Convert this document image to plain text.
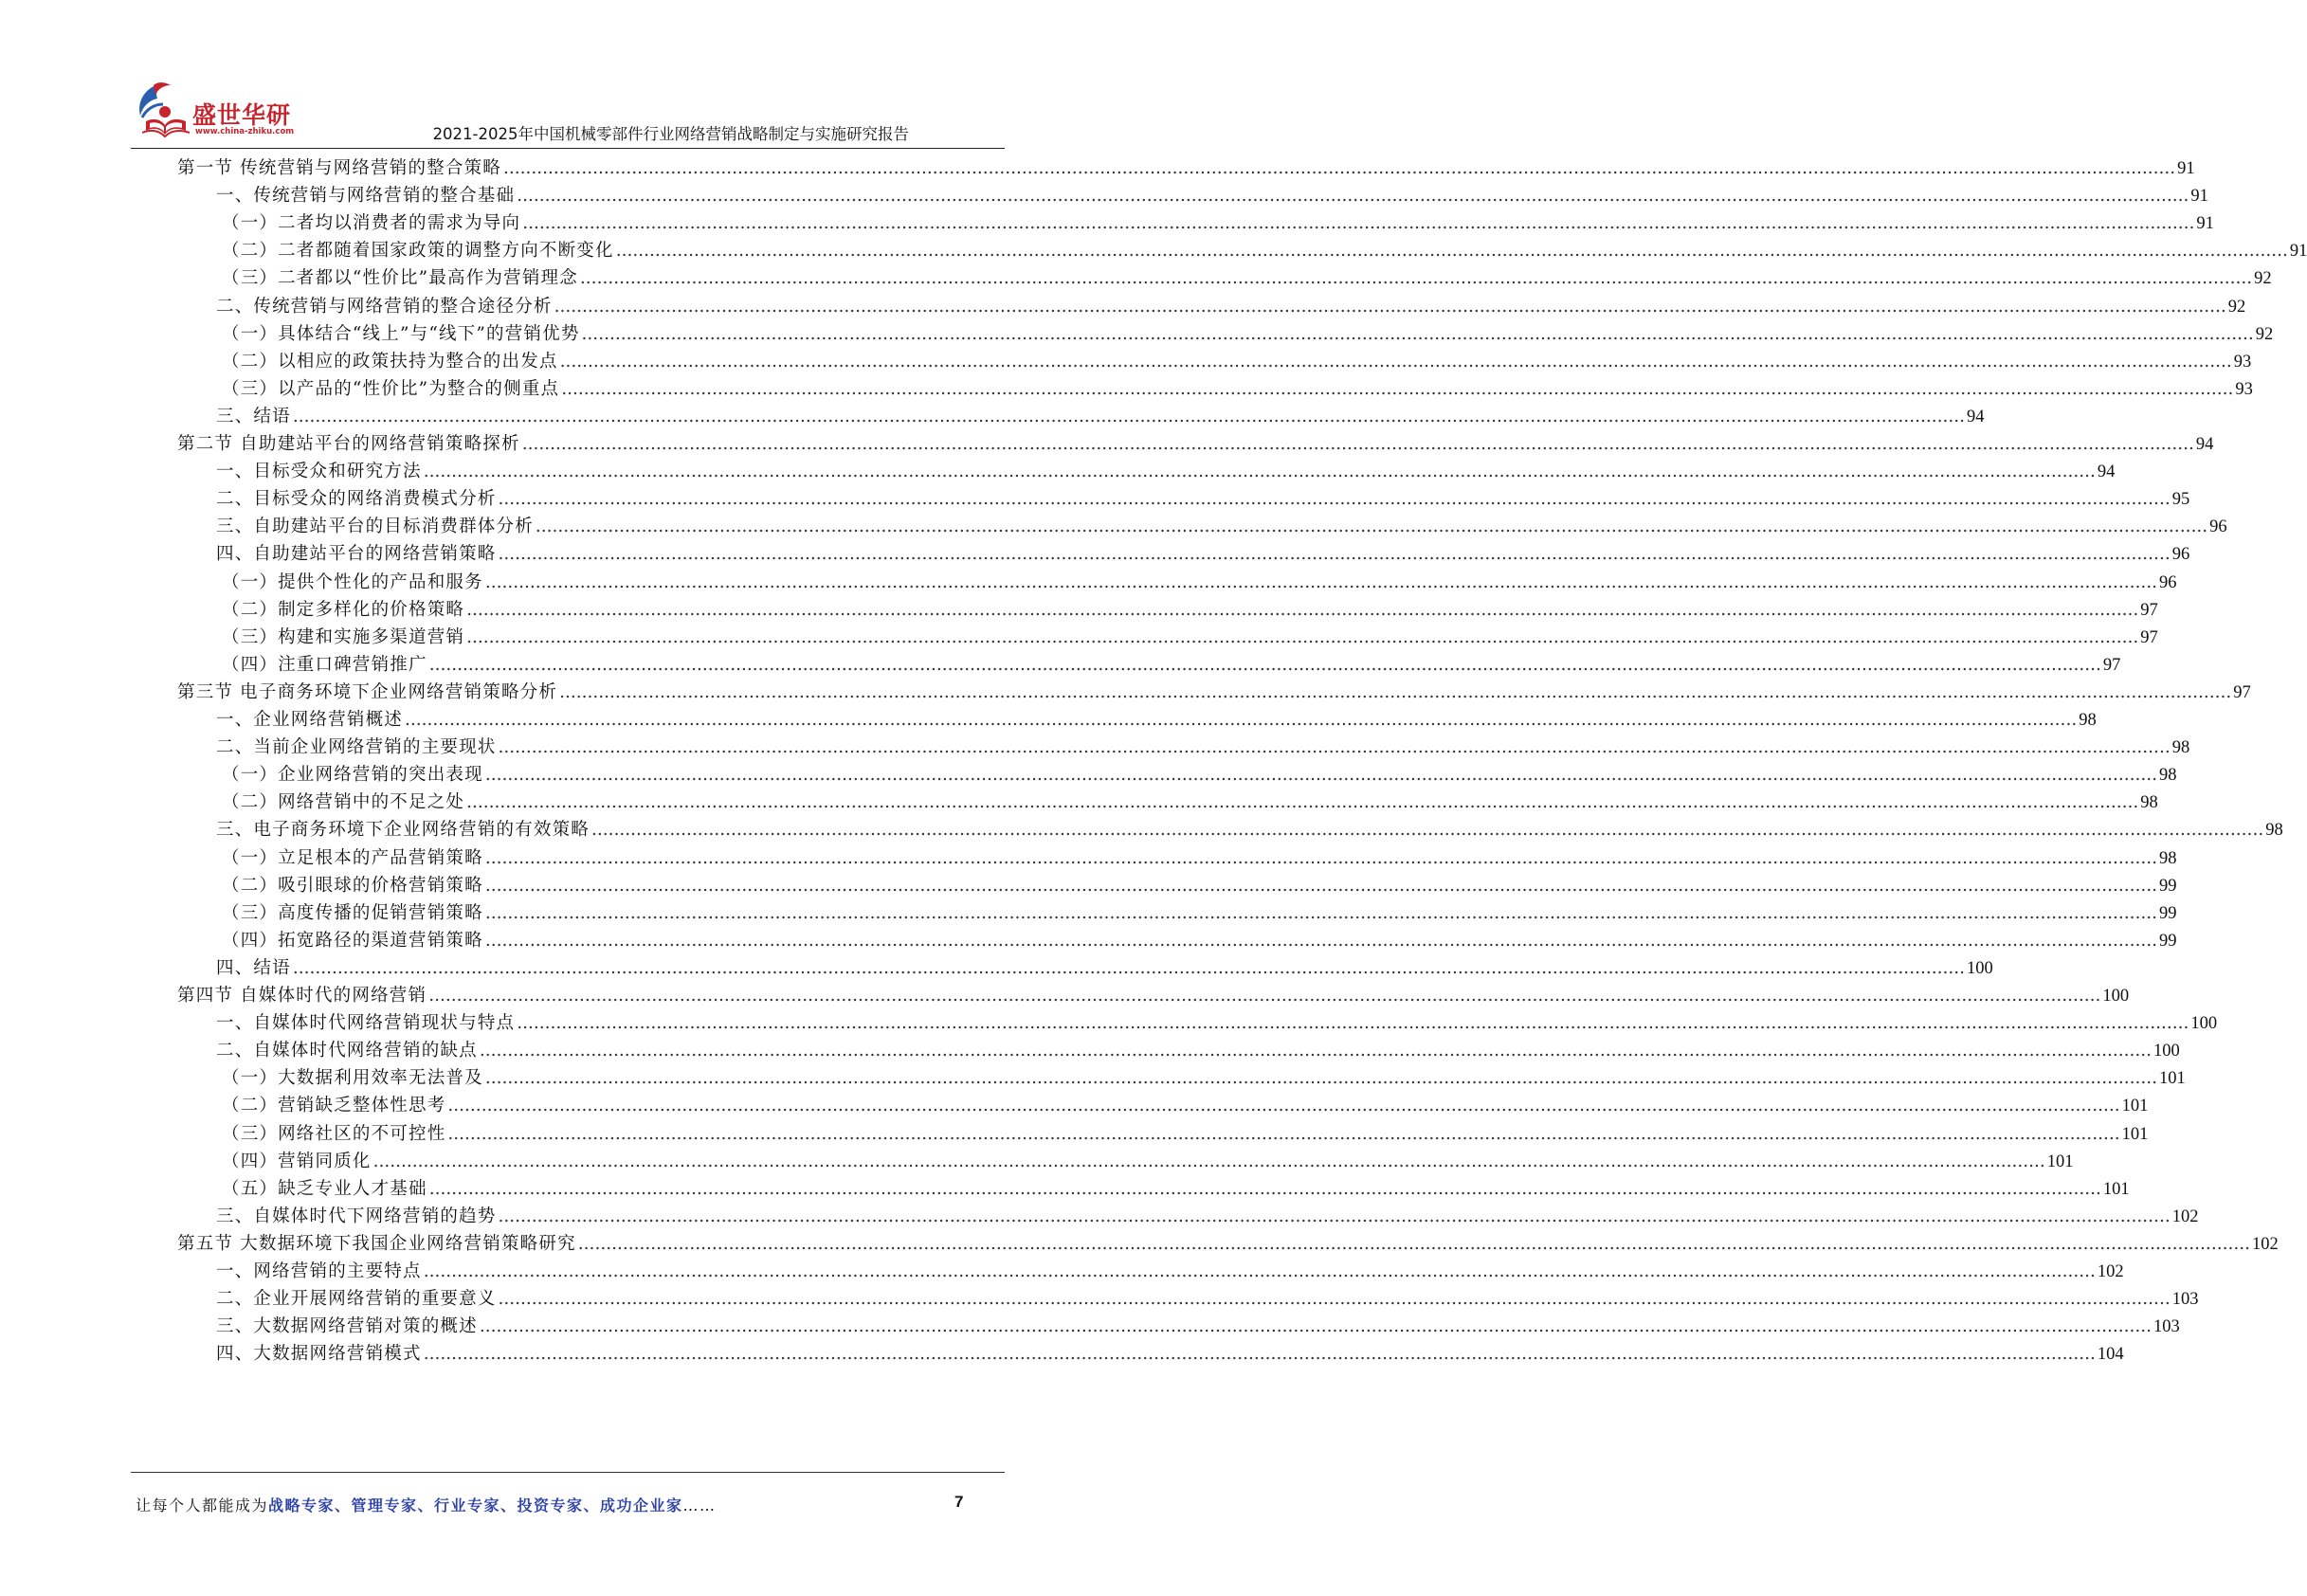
盛世华研
www.china-zhiku.com	2021-2025年中国机械零部件行业网络营销战略制定与实施研究报告
第一节 传统营销与网络营销的整合策略 ............................................................................................................................................................................................................................................................................................................ 91
一、传统营销与网络营销的整合基础 ............................................................................................................................................................................................................................................................................................................ 91
（一）二者均以消费者的需求为导向 ............................................................................................................................................................................................................................................................................................................ 91
（二）二者都随着国家政策的调整方向不断变化 ............................................................................................................................................................................................................................................................................................................ 91
（三）二者都以“性价比”最高作为营销理念 ............................................................................................................................................................................................................................................................................................................ 92
二、传统营销与网络营销的整合途径分析 ............................................................................................................................................................................................................................................................................................................ 92
（一）具体结合“线上”与“线下”的营销优势 ............................................................................................................................................................................................................................................................................................................ 92
（二）以相应的政策扶持为整合的出发点 ............................................................................................................................................................................................................................................................................................................ 93
（三）以产品的“性价比”为整合的侧重点 ............................................................................................................................................................................................................................................................................................................ 93
三、结语 ............................................................................................................................................................................................................................................................................................................ 94
第二节 自助建站平台的网络营销策略探析 ............................................................................................................................................................................................................................................................................................................ 94
一、目标受众和研究方法 ............................................................................................................................................................................................................................................................................................................ 94
二、目标受众的网络消费模式分析 ............................................................................................................................................................................................................................................................................................................ 95
三、自助建站平台的目标消费群体分析 ............................................................................................................................................................................................................................................................................................................ 96
四、自助建站平台的网络营销策略 ............................................................................................................................................................................................................................................................................................................ 96
（一）提供个性化的产品和服务 ............................................................................................................................................................................................................................................................................................................ 96
（二）制定多样化的价格策略 ............................................................................................................................................................................................................................................................................................................ 97
（三）构建和实施多渠道营销 ............................................................................................................................................................................................................................................................................................................ 97
（四）注重口碑营销推广 ............................................................................................................................................................................................................................................................................................................ 97
第三节 电子商务环境下企业网络营销策略分析 ............................................................................................................................................................................................................................................................................................................ 97
一、企业网络营销概述 ............................................................................................................................................................................................................................................................................................................ 98
二、当前企业网络营销的主要现状 ............................................................................................................................................................................................................................................................................................................ 98
（一）企业网络营销的突出表现 ............................................................................................................................................................................................................................................................................................................ 98
（二）网络营销中的不足之处 ............................................................................................................................................................................................................................................................................................................ 98
三、电子商务环境下企业网络营销的有效策略 ............................................................................................................................................................................................................................................................................................................ 98
（一）立足根本的产品营销策略 ............................................................................................................................................................................................................................................................................................................ 98
（二）吸引眼球的价格营销策略 ............................................................................................................................................................................................................................................................................................................ 99
（三）高度传播的促销营销策略 ............................................................................................................................................................................................................................................................................................................ 99
（四）拓宽路径的渠道营销策略 ............................................................................................................................................................................................................................................................................................................ 99
四、结语 ............................................................................................................................................................................................................................................................................................................ 100
第四节 自媒体时代的网络营销 ............................................................................................................................................................................................................................................................................................................ 100
一、自媒体时代网络营销现状与特点 ............................................................................................................................................................................................................................................................................................................ 100
二、自媒体时代网络营销的缺点 ............................................................................................................................................................................................................................................................................................................ 100
（一）大数据利用效率无法普及 ............................................................................................................................................................................................................................................................................................................ 101
（二）营销缺乏整体性思考 ............................................................................................................................................................................................................................................................................................................ 101
（三）网络社区的不可控性 ............................................................................................................................................................................................................................................................................................................ 101
（四）营销同质化 ............................................................................................................................................................................................................................................................................................................ 101
（五）缺乏专业人才基础 ............................................................................................................................................................................................................................................................................................................ 101
三、自媒体时代下网络营销的趋势 ............................................................................................................................................................................................................................................................................................................ 102
第五节 大数据环境下我国企业网络营销策略研究 ............................................................................................................................................................................................................................................................................................................ 102
一、网络营销的主要特点 ............................................................................................................................................................................................................................................................................................................ 102
二、企业开展网络营销的重要意义 ............................................................................................................................................................................................................................................................................................................ 103
三、大数据网络营销对策的概述 ............................................................................................................................................................................................................................................................................................................ 103
四、大数据网络营销模式 ............................................................................................................................................................................................................................................................................................................ 104
让每个人都能成为战略专家、管理专家、行业专家、投资专家、成功企业家……	7
